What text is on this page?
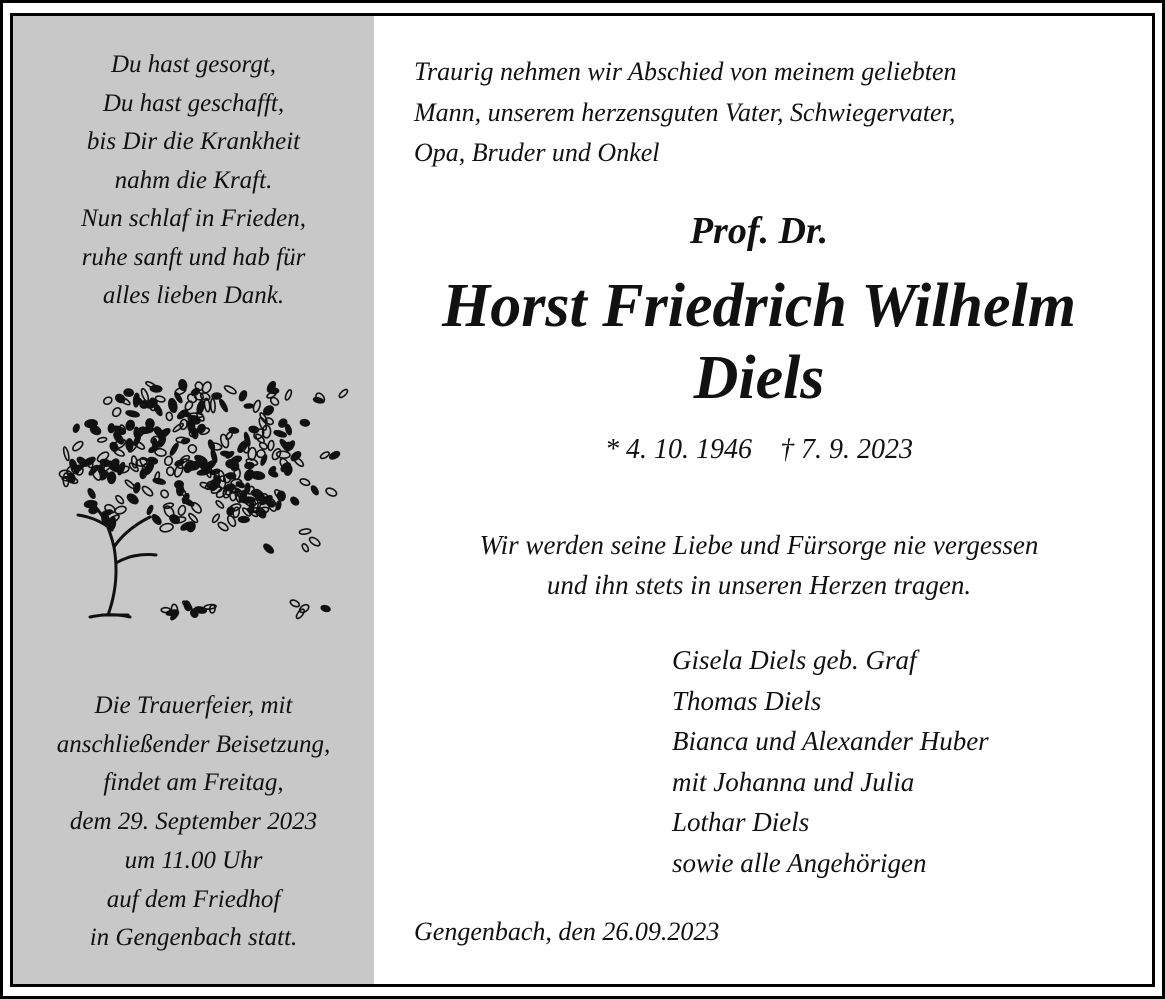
Du hast gesorgt,
Du hast geschafft,
bis Dir die Krankheit
nahm die Kraft.
Nun schlaf in Frieden,
ruhe sanft und hab für
alles lieben Dank.
Die Trauerfeier, mit
anschließender Beisetzung,
findet am Freitag,
dem 29. September 2023
um 11.00 Uhr
auf dem Friedhof
in Gengenbach statt.
Traurig nehmen wir Abschied von meinem geliebten
Mann, unserem herzensguten Vater, Schwiegervater,
Opa, Bruder und Onkel
Prof. Dr.
Horst Friedrich Wilhelm
Diels
* 4. 10. 1946    † 7. 9. 2023
Wir werden seine Liebe und Fürsorge nie vergessen
und ihn stets in unseren Herzen tragen.
Gisela Diels geb. Graf
Thomas Diels
Bianca und Alexander Huber
mit Johanna und Julia
Lothar Diels
sowie alle Angehörigen
Gengenbach, den 26.09.2023
